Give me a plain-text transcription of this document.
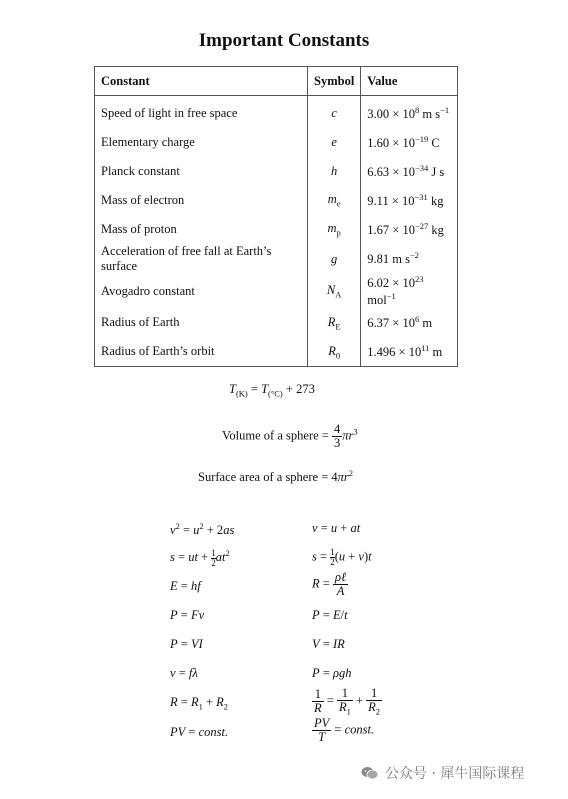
Important Constants
Constant	Symbol	Value
Speed of light in free space	c	$3.00 \times 10^8$ m $s^{-1}$
Elementary charge	e	$1.60 \times 10^{-19}$ C
Planck constant	h	$6.63 \times 10^{-34}$ J s
Mass of electron	$m_e$	$9.11 \times 10^{-31}$ kg
Mass of proton	$m_p$	$1.67 \times 10^{-27}$ kg
Acceleration of free fall at Earth’s surface	g	9.81 m $s^{-2}$
Avogadro constant	$N_A$	$6.02 \times 10^{23}$ mol$^{-1}$
Radius of Earth	$R_E$	$6.37 \times 10^6$ m
Radius of Earth’s orbit	$R_0$	$1.496 \times 10^{11}$ m
$T_{(K)} = T_{(^\circ C)} + 273$
Volume of a sphere = $\frac{4}{3} \pi r^3$
Surface area of a sphere = $4\pi r^2$
$v^2 = u^2 + 2as$
s = ut + $\frac{1}{2} at^2$
E = hf
P = Fv
P = VI
v = fλ
$R = R_1 + R_2$
PV = const.
v = u + at
$s = \frac{1}{2} (u + v)t$
$R = \frac{\text{ρℓ}}{A}$
P = E/t
V = IR
P = ρgh
$\frac{1}{R} = \frac{1}{R_1} + \frac{1}{R_2}$
$\frac{PV}{T}$ = const.
公众号 · 犀牛国际课程
